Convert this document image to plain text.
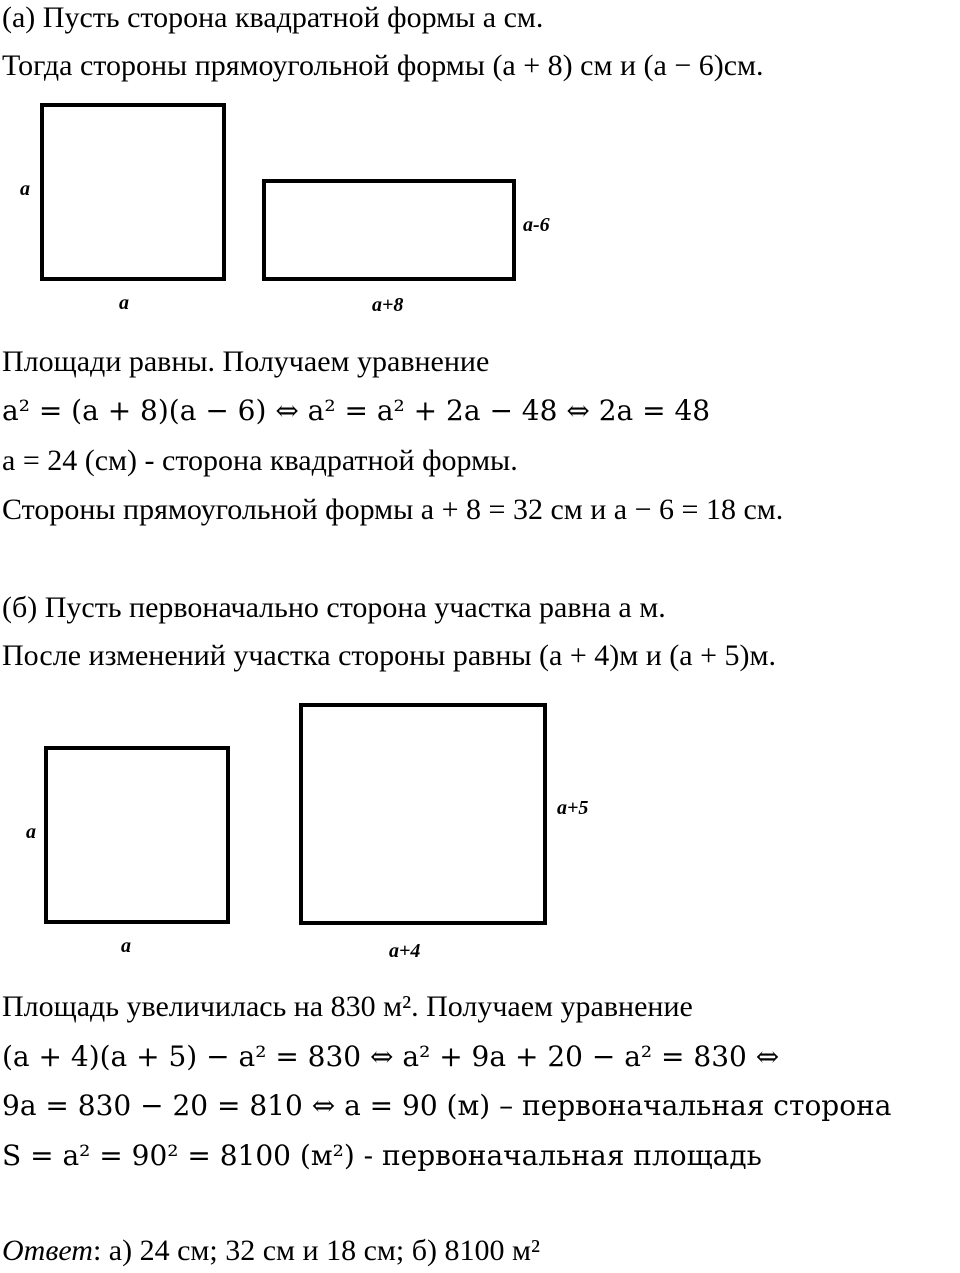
(а) Пусть сторона квадратной формы a см.
Тогда стороны прямоугольной формы (a + 8) см и (a − 6)см.
a
a
a-6
a+8
Площади равны. Получаем уравнение
a² = (a + 8)(a − 6) ⇔ a² = a² + 2a − 48 ⇔ 2a = 48
a = 24 (см) - сторона квадратной формы.
Стороны прямоугольной формы a + 8 = 32 см и a − 6 = 18 см.
(б) Пусть первоначально сторона участка равна a м.
После изменений участка стороны равны (a + 4)м и (a + 5)м.
a
a
a+5
a+4
Площадь увеличилась на 830 м². Получаем уравнение
(a + 4)(a + 5) − a² = 830 ⇔ a² + 9a + 20 − a² = 830 ⇔
9a = 830 − 20 = 810 ⇔ a = 90 (м) – первоначальная сторона
S = a² = 90² = 8100 (м²) - первоначальная площадь
Ответ: а) 24 см; 32 см и 18 см; б) 8100 м²
